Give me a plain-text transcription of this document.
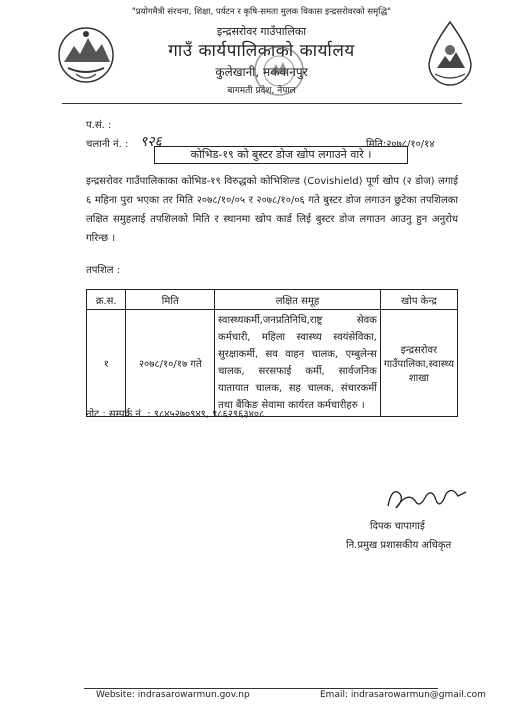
"प्रयोगमैत्री संरचना, शिक्षा, पर्यटन र कृषि-समता मुलक विकास इन्द्रसरोवरको समृद्धि"
इन्द्रसरोवर गाउँपालिका
गाउँ कार्यपालिकाको कार्यालय
कुलेखानी, मकवानपुर
बागमती प्रदेश, नेपाल
प.सं. :
चलानी नं. : ९२६	मिति:२०७८/१०/१४
कोभिड-१९ को बुस्टर डोज खोप लगाउने वारे ।
इन्द्रसरोवर गाउँपालिकाका कोभिड-१९ विरुद्धको कोभिशिल्ड (Covishield) पूर्ण खोप (२ डोज) लगाई ६ महिना पुरा भएका तर मिति २०७८/१०/०५ र २०७८/१०/०६ गते बुस्टर डोज लगाउन छुटेका तपशिलका लक्षित समुहलाई तपशिलको मिति र स्थानमा खोप कार्ड लिई बुस्टर डोज लगाउन आउनु हुन अनुरोध गरिन्छ ।
तपशिल :
क्र.स.	मिति	लक्षित समूह	खोप केन्द्र
१	२०७८/१०/१७ गते	स्वास्थ्यकर्मी,जनप्रतिनिधि,राष्ट्र सेवक कर्मचारी, महिला स्वास्थ्य स्वयंसेविका, सुरक्षाकर्मी, सव वाहन चालक, एम्बुलेन्स चालक, सरसफाई कर्मी, सार्वजनिक यातायात चालक, सह चालक, संचारकर्मी तथा बैंकिङ सेवामा कार्यरत कर्मचारीहरु ।	इन्द्रसरोवर गाउँपालिका,स्वास्थ्य शाखा
नोट : सम्पर्क नं. : ९८४५२७०९४९, ९८६२९६३४०८
दिपक चापागाई
नि.प्रमुख प्रशासकीय अधिकृत
Website: indrasarowarmun.gov.np	Email: indrasarowarmun@gmail.com
